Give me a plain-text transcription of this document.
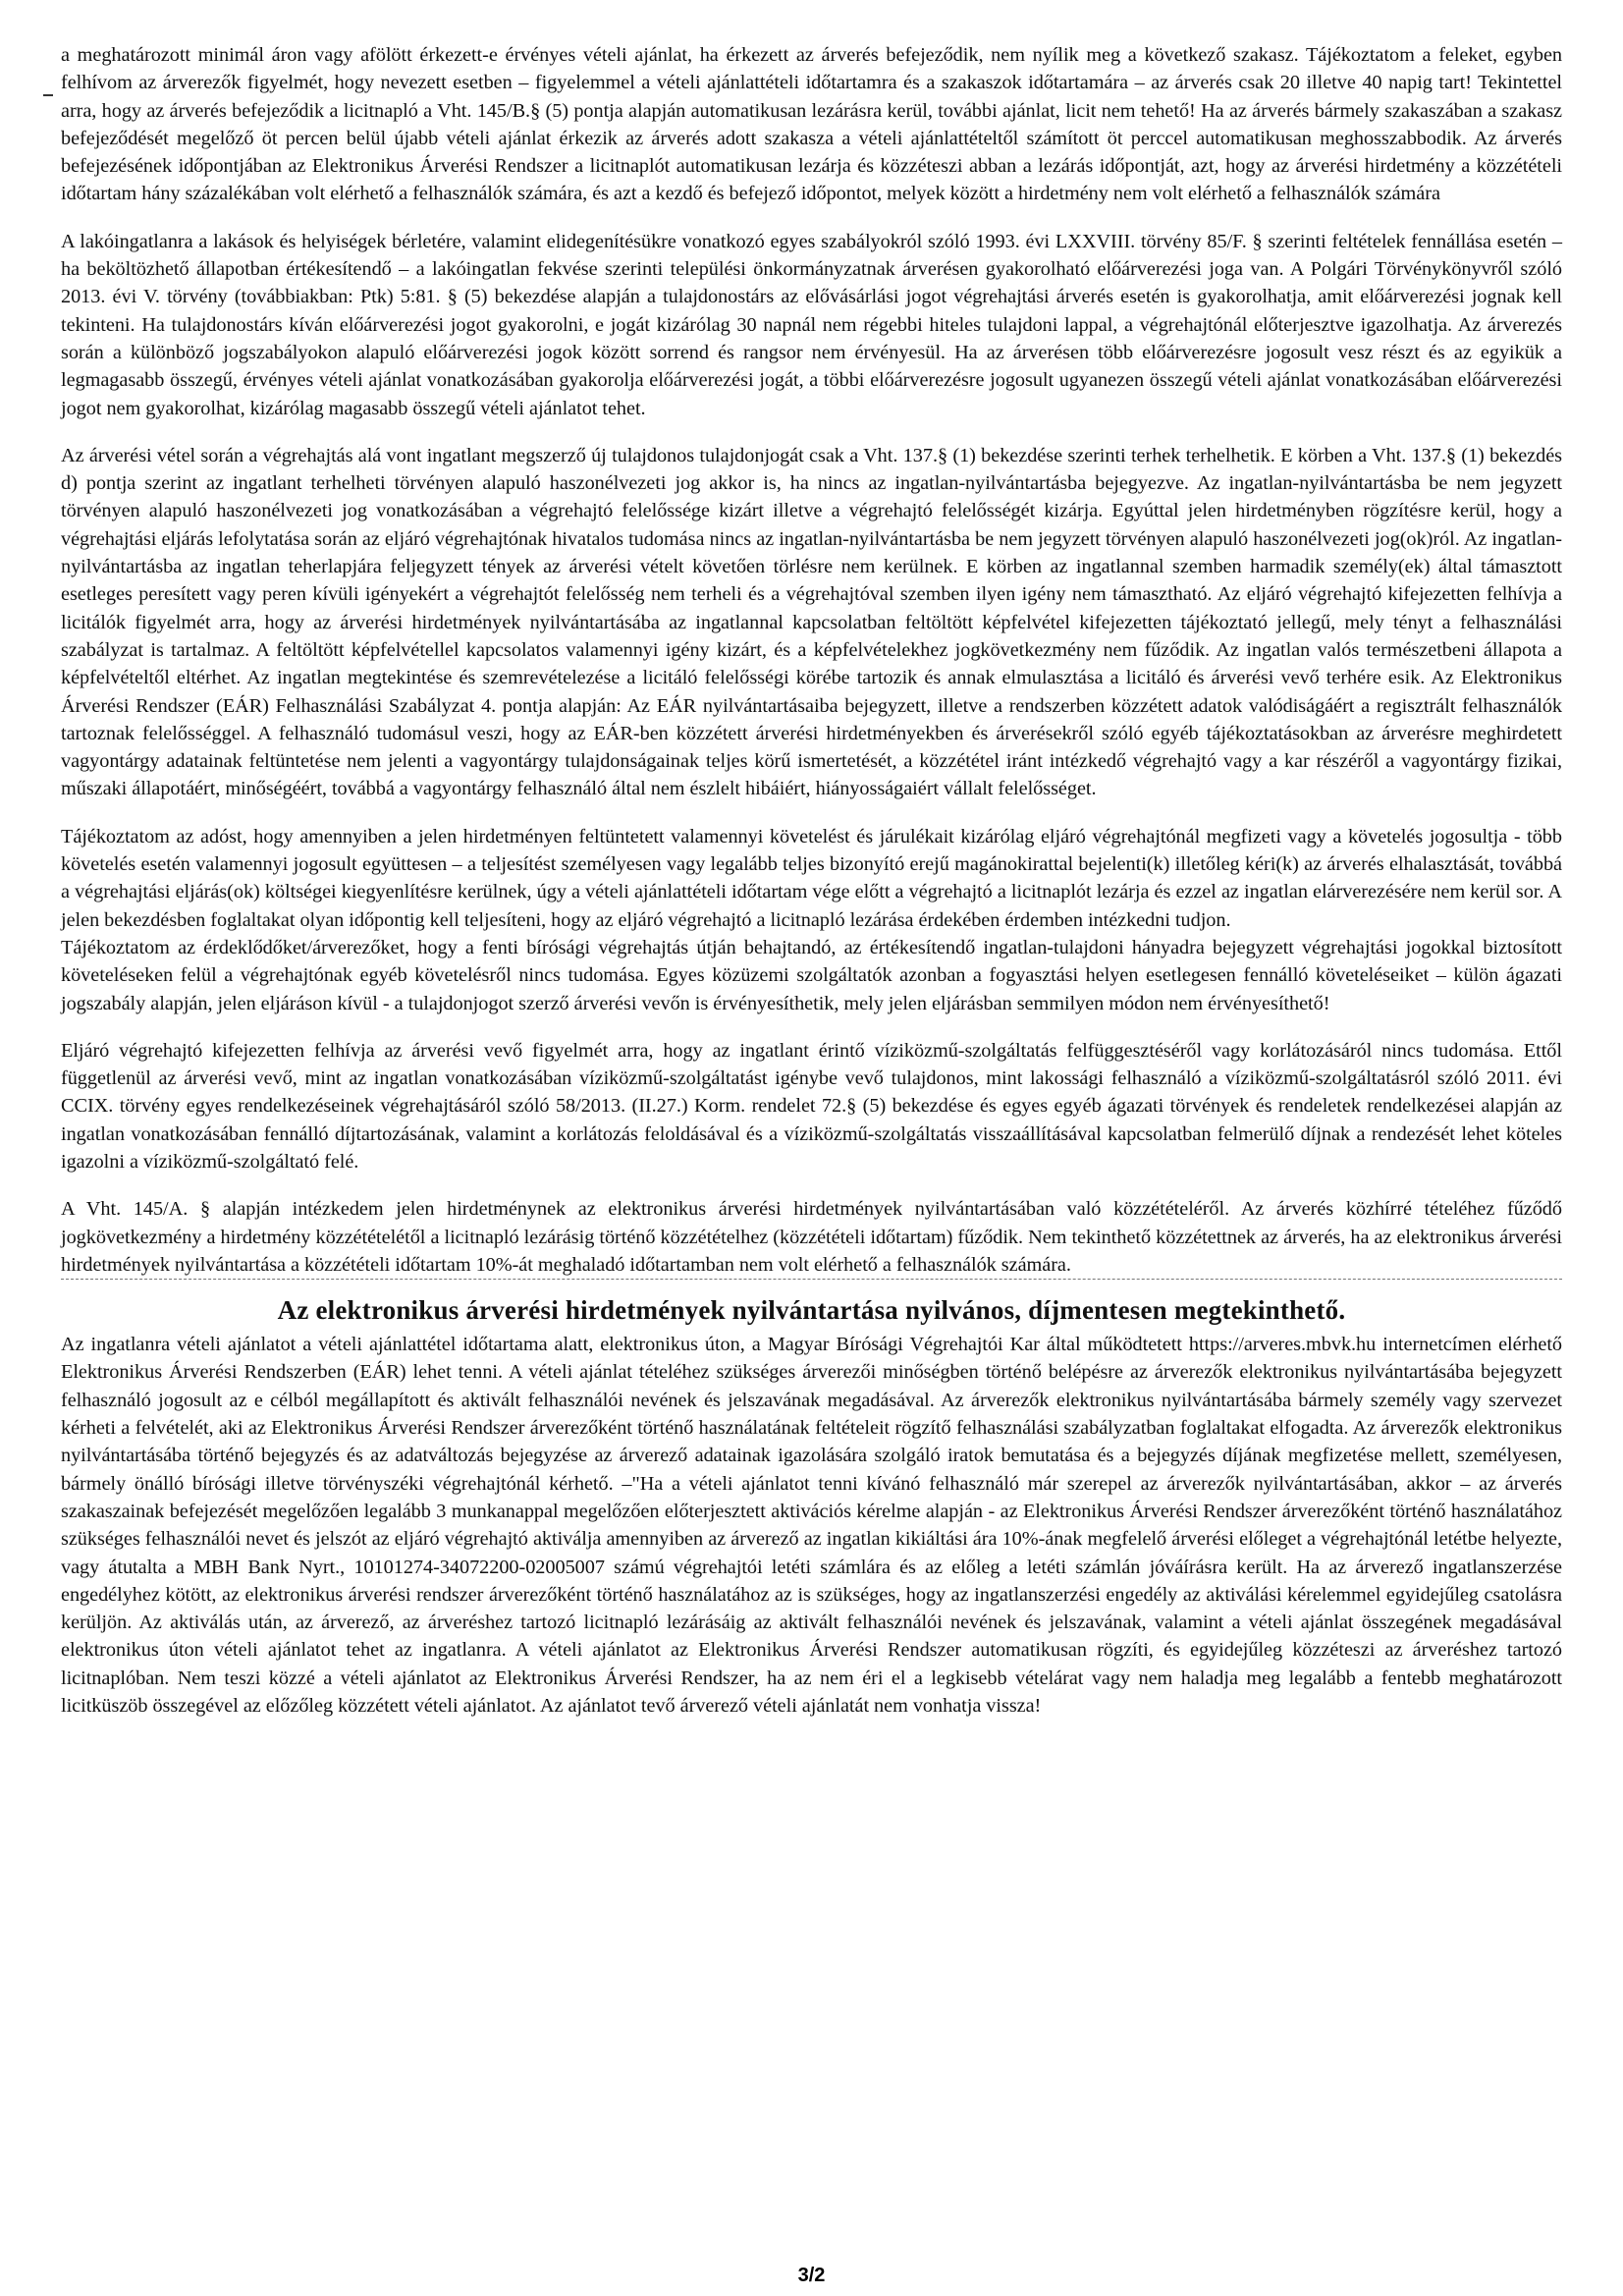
a meghatározott minimál áron vagy afölött érkezett-e érvényes vételi ajánlat, ha érkezett az árverés befejeződik, nem nyílik meg a következő szakasz. Tájékoztatom a feleket, egyben felhívom az árverezők figyelmét, hogy nevezett esetben – figyelemmel a vételi ajánlattételi időtartamra és a szakaszok időtartamára – az árverés csak 20 illetve 40 napig tart! Tekintettel arra, hogy az árverés befejeződik a licitnapló a Vht. 145/B.§ (5) pontja alapján automatikusan lezárásra kerül, további ajánlat, licit nem tehető! Ha az árverés bármely szakaszában a szakasz befejeződését megelőző öt percen belül újabb vételi ajánlat érkezik az árverés adott szakasza a vételi ajánlattételtől számított öt perccel automatikusan meghosszabbodik. Az árverés befejezésének időpontjában az Elektronikus Árverési Rendszer a licitnaplót automatikusan lezárja és közzéteszi abban a lezárás időpontját, azt, hogy az árverési hirdetmény a közzétételi időtartam hány százalékában volt elérhető a felhasználók számára, és azt a kezdő és befejező időpontot, melyek között a hirdetmény nem volt elérhető a felhasználók számára

A lakóingatlanra a lakások és helyiségek bérletére, valamint elidegenítésükre vonatkozó egyes szabályokról szóló 1993. évi LXXVIII. törvény 85/F. § szerinti feltételek fennállása esetén – ha beköltözhető állapotban értékesítendő – a lakóingatlan fekvése szerinti települési önkormányzatnak árverésen gyakorolható előárverezési joga van. A Polgári Törvénykönyvről szóló 2013. évi V. törvény (továbbiakban: Ptk) 5:81. § (5) bekezdése alapján a tulajdonostárs az elővásárlási jogot végrehajtási árverés esetén is gyakorolhatja, amit előárverezési jognak kell tekinteni. Ha tulajdonostárs kíván előárverezési jogot gyakorolni, e jogát kizárólag 30 napnál nem régebbi hiteles tulajdoni lappal, a végrehajtónál előterjesztve igazolhatja. Az árverezés során a különböző jogszabályokon alapuló előárverezési jogok között sorrend és rangsor nem érvényesül. Ha az árverésen több előárverezésre jogosult vesz részt és az egyikük a legmagasabb összegű, érvényes vételi ajánlat vonatkozásában gyakorolja előárverezési jogát, a többi előárverezésre jogosult ugyanezen összegű vételi ajánlat vonatkozásában előárverezési jogot nem gyakorolhat, kizárólag magasabb összegű vételi ajánlatot tehet.

Az árverési vétel során a végrehajtás alá vont ingatlant megszerző új tulajdonos tulajdonjogát csak a Vht. 137.§ (1) bekezdése szerinti terhek terhelhetik. E körben a Vht. 137.§ (1) bekezdés d) pontja szerint az ingatlant terhelheti törvényen alapuló haszonélvezeti jog akkor is, ha nincs az ingatlan-nyilvántartásba bejegyezve. Az ingatlan-nyilvántartásba be nem jegyzett törvényen alapuló haszonélvezeti jog vonatkozásában a végrehajtó felelőssége kizárt illetve a végrehajtó felelősségét kizárja. Egyúttal jelen hirdetményben rögzítésre kerül, hogy a végrehajtási eljárás lefolytatása során az eljáró végrehajtónak hivatalos tudomása nincs az ingatlan-nyilvántartásba be nem jegyzett törvényen alapuló haszonélvezeti jog(ok)ról. Az ingatlan-nyilvántartásba az ingatlan teherlapjára feljegyzett tények az árverési vételt követően törlésre nem kerülnek. E körben az ingatlannal szemben harmadik személy(ek) által támasztott esetleges peresített vagy peren kívüli igényekért a végrehajtót felelősség nem terheli és a végrehajtóval szemben ilyen igény nem támasztható. Az eljáró végrehajtó kifejezetten felhívja a licitálók figyelmét arra, hogy az árverési hirdetmények nyilvántartásába az ingatlannal kapcsolatban feltöltött képfelvétel kifejezetten tájékoztató jellegű, mely tényt a felhasználási szabályzat is tartalmaz. A feltöltött képfelvétellel kapcsolatos valamennyi igény kizárt, és a képfelvételekhez jogkövetkezmény nem fűződik. Az ingatlan valós természetbeni állapota a képfelvételtől eltérhet. Az ingatlan megtekintése és szemrevételezése a licitáló felelősségi körébe tartozik és annak elmulasztása a licitáló és árverési vevő terhére esik. Az Elektronikus Árverési Rendszer (EÁR) Felhasználási Szabályzat 4. pontja alapján: Az EÁR nyilvántartásaiba bejegyzett, illetve a rendszerben közzétett adatok valódiságáért a regisztrált felhasználók tartoznak felelősséggel. A felhasználó tudomásul veszi, hogy az EÁR-ben közzétett árverési hirdetményekben és árverésekről szóló egyéb tájékoztatásokban az árverésre meghirdetett vagyontárgy adatainak feltüntetése nem jelenti a vagyontárgy tulajdonságainak teljes körű ismertetését, a közzététel iránt intézkedő végrehajtó vagy a kar részéről a vagyontárgy fizikai, műszaki állapotáért, minőségéért, továbbá a vagyontárgy felhasználó által nem észlelt hibáiért, hiányosságaiért vállalt felelősséget.

Tájékoztatom az adóst, hogy amennyiben a jelen hirdetményen feltüntetett valamennyi követelést és járulékait kizárólag eljáró végrehajtónál megfizeti vagy a követelés jogosultja - több követelés esetén valamennyi jogosult együttesen – a teljesítést személyesen vagy legalább teljes bizonyító erejű magánokirattal bejelenti(k) illetőleg kéri(k) az árverés elhalasztását, továbbá a végrehajtási eljárás(ok) költségei kiegyenlítésre kerülnek, úgy a vételi ajánlattételi időtartam vége előtt a végrehajtó a licitnaplót lezárja és ezzel az ingatlan elárverezésére nem kerül sor. A jelen bekezdésben foglaltakat olyan időpontig kell teljesíteni, hogy az eljáró végrehajtó a licitnapló lezárása érdekében érdemben intézkedni tudjon.

Tájékoztatom az érdeklődőket/árverezőket, hogy a fenti bírósági végrehajtás útján behajtandó, az értékesítendő ingatlan-tulajdoni hányadra bejegyzett végrehajtási jogokkal biztosított követeléseken felül a végrehajtónak egyéb követelésről nincs tudomása. Egyes közüzemi szolgáltatók azonban a fogyasztási helyen esetlegesen fennálló követeléseiket – külön ágazati jogszabály alapján, jelen eljáráson kívül - a tulajdonjogot szerző árverési vevőn is érvényesíthetik, mely jelen eljárásban semmilyen módon nem érvényesíthető!

Eljáró végrehajtó kifejezetten felhívja az árverési vevő figyelmét arra, hogy az ingatlant érintő víziközmű-szolgáltatás felfüggesztéséről vagy korlátozásáról nincs tudomása. Ettől függetlenül az árverési vevő, mint az ingatlan vonatkozásában víziközmű-szolgáltatást igénybe vevő tulajdonos, mint lakossági felhasználó a víziközmű-szolgáltatásról szóló 2011. évi CCIX. törvény egyes rendelkezéseinek végrehajtásáról szóló 58/2013. (II.27.) Korm. rendelet 72.§ (5) bekezdése és egyes egyéb ágazati törvények és rendeletek rendelkezései alapján az ingatlan vonatkozásában fennálló díjtartozásának, valamint a korlátozás feloldásával és a víziközmű-szolgáltatás visszaállításával kapcsolatban felmerülő díjnak a rendezését lehet köteles igazolni a víziközmű-szolgáltató felé.

A Vht. 145/A. § alapján intézkedem jelen hirdetménynek az elektronikus árverési hirdetmények nyilvántartásában való közzétételéről. Az árverés közhírré tételéhez fűződő jogkövetkezmény a hirdetmény közzétételétől a licitnapló lezárásig történő közzétételhez (közzétételi időtartam) fűződik. Nem tekinthető közzétettnek az árverés, ha az elektronikus árverési hirdetmények nyilvántartása a közzétételi időtartam 10%-át meghaladó időtartamban nem volt elérhető a felhasználók számára.

Az elektronikus árverési hirdetmények nyilvántartása nyilvános, díjmentesen megtekinthető.

Az ingatlanra vételi ajánlatot a vételi ajánlattétel időtartama alatt, elektronikus úton, a Magyar Bírósági Végrehajtói Kar által működtetett https://arveres.mbvk.hu internetcímen elérhető Elektronikus Árverési Rendszerben (EÁR) lehet tenni. A vételi ajánlat tételéhez szükséges árverezői minőségben történő belépésre az árverezők elektronikus nyilvántartásába bejegyzett felhasználó jogosult az e célból megállapított és aktivált felhasználói nevének és jelszavának megadásával. Az árverezők elektronikus nyilvántartásába bármely személy vagy szervezet kérheti a felvételét, aki az Elektronikus Árverési Rendszer árverezőként történő használatának feltételeit rögzítő felhasználási szabályzatban foglaltakat elfogadta. Az árverezők elektronikus nyilvántartásába történő bejegyzés és az adatváltozás bejegyzése az árverező adatainak igazolására szolgáló iratok bemutatása és a bejegyzés díjának megfizetése mellett, személyesen, bármely önálló bírósági illetve törvényszéki végrehajtónál kérhető. –"Ha a vételi ajánlatot tenni kívánó felhasználó már szerepel az árverezők nyilvántartásában, akkor – az árverés szakaszainak befejezését megelőzően legalább 3 munkanappal megelőzően előterjesztett aktivációs kérelme alapján - az Elektronikus Árverési Rendszer árverezőként történő használatához szükséges felhasználói nevet és jelszót az eljáró végrehajtó aktiválja amennyiben az árverező az ingatlan kikiáltási ára 10%-ának megfelelő árverési előleget a végrehajtónál letétbe helyezte, vagy átutalta a MBH Bank Nyrt., 10101274-34072200-02005007 számú végrehajtói letéti számlára és az előleg a letéti számlán jóváírásra került. Ha az árverező ingatlanszerzése engedélyhez kötött, az elektronikus árverési rendszer árverezőként történő használatához az is szükséges, hogy az ingatlanszerzési engedély az aktiválási kérelemmel egyidejűleg csatolásra kerüljön. Az aktiválás után, az árverező, az árveréshez tartozó licitnapló lezárásáig az aktivált felhasználói nevének és jelszavának, valamint a vételi ajánlat összegének megadásával elektronikus úton vételi ajánlatot tehet az ingatlanra. A vételi ajánlatot az Elektronikus Árverési Rendszer automatikusan rögzíti, és egyidejűleg közzéteszi az árveréshez tartozó licitnaplóban. Nem teszi közzé a vételi ajánlatot az Elektronikus Árverési Rendszer, ha az nem éri el a legkisebb vételárat vagy nem haladja meg legalább a fentebb meghatározott licitküszöb összegével az előzőleg közzétett vételi ajánlatot. Az ajánlatot tevő árverező vételi ajánlatát nem vonhatja vissza!

3/2
